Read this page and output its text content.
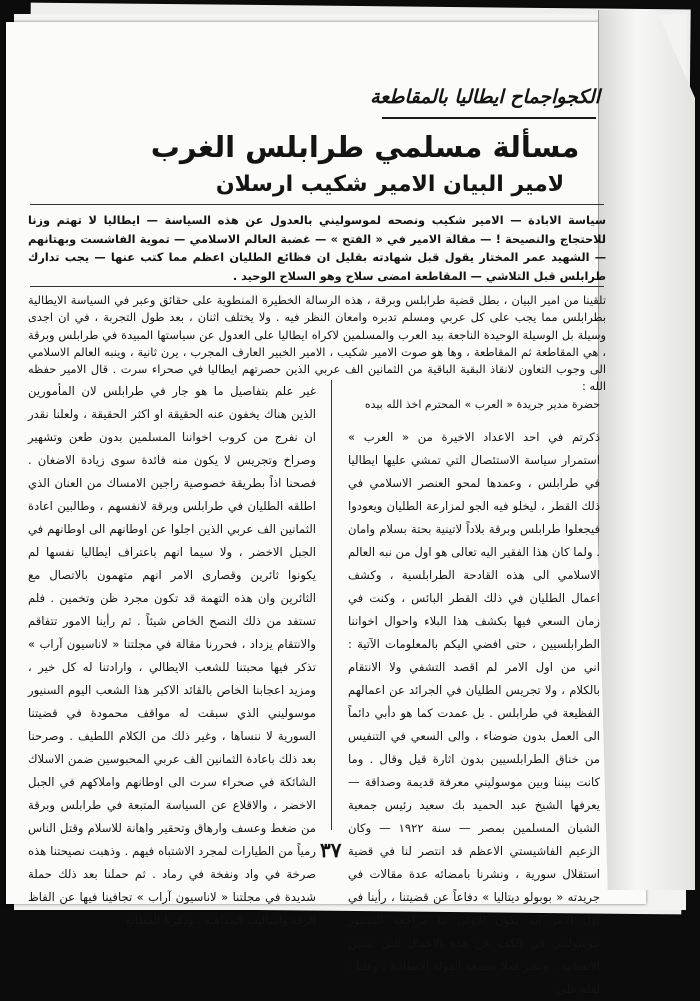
الكجواجماح ايطاليا بالمقاطعة
مسألة مسلمي طرابلس الغرب
لامير البيان الامير شكيب ارسلان
سياسة الابادة — الامير شكيب ونصحه لموسوليني بالعدول عن هذه السياسة — ايطاليا لا تهتم وزنا للاحتجاج والنصيحة ! — مقالة الامير في « الفتح » — غضبة العالم الاسلامي — تموية الفاشست وبهتانهم — الشهيد عمر المختار يقول قبل شهادته بقليل ان فظائع الطليان اعظم مما كتب عنها — يجب تدارك طرابلس قبل التلاشي — المقاطعة امضى سلاح وهو السلاح الوحيد .
تلقينا من امير البيان ، بطل قضية طرابلس وبرقة ، هذه الرسالة الخطيرة المنطوية على حقائق وعبر في السياسة الايطالية بطرابلس مما يجب على كل عربي ومسلم تدبره وامعان النظر فيه . ولا يختلف اثنان ، بعد طول التجربة ، في ان اجدى وسيلة بل الوسيلة الوحيدة الناجعة بيد العرب والمسلمين لاكراه ايطاليا على العدول عن سياستها المبيدة في طرابلس وبرقة ، هي المقاطعة ثم المقاطعة ، وها هو صوت الامير شكيب ، الامير الخبير العارف المجرب ، يرن ثانية ، وينبه العالم الاسلامي الى وجوب التعاون لانقاذ البقية الباقية من الثمانين الف عربي الذين حصرتهم ايطاليا في صحراء سرت . قال الامير حفظه الله :
حضرة مدير جريدة « العرب » المحترم اخذ الله بيده
ذكرتم في احد الاعداد الاخيرة من « العرب » استمرار سياسة الاستئصال التي تمشي عليها ايطاليا في طرابلس ، وعمدها لمحو العنصر الاسلامي في ذلك القطر ، ليخلو فيه الجو لمزارعة الطليان ويعودوا فيجعلوا طرابلس وبرقة بلاداً لاتينية بحتة بسلام وامان . ولما كان هذا الفقير اليه تعالى هو اول من نبه العالم الاسلامي الى هذه القادحة الطرابلسية ، وكشف اعمال الطليان في ذلك القطر البائس ، وكنت في زمان السعي فيها بكشف هذا البلاء واحوال اخواننا الطرابلسيين ، حتى افضي اليكم بالمعلومات الآتية : اني من اول الامر لم اقصد التشفي ولا الانتقام بالكلام ، ولا تجريس الطليان في الجرائد عن اعمالهم الفظيعة في طرابلس . بل عمدت كما هو دأبي دائماً الى العمل بدون ضوضاء ، والى السعي في التنفيس من خناق الطرابلسيين بدون اثارة قيل وقال . وما كانت بيننا وبين موسوليني معرفة قديمة وصداقة — يعرفها الشيخ عبد الحميد بك سعيد رئيس جمعية الشبان المسلمين بمصر — سنة ١٩٢٢ — وكان الزعيم الفاشيستي الاعظم قد انتصر لنا في قضية استقلال سورية ، ونشرنا بامضائه عدة مقالات في جريدته « بوبولو ديتاليا » دفاعاً عن قضيتنا ، رأينا في اول الامر انه يكون الاولى بنا مراجعة السنيور موسوليني في الكف عن هذه الاعمال التي تشين الانسانية ، وتضر فعلا بسمعة الدولة الايطالية ، وقلنا : لعله على
غير علم بتفاصيل ما هو جار في طرابلس لان المأمورين الذين هناك يخفون عنه الحقيقة او اكثر الحقيقة ، ولعلنا نقدر ان نفرج من كروب اخواننا المسلمين بدون طعن وتشهير وصراخ وتجريس لا يكون منه فائدة سوى زيادة الاضغان . فصحنا اذاً بطريقة خصوصية راجين الامساك من العنان الذي اطلقه الطليان في طرابلس وبرقة لانفسهم ، وطالبين اعادة الثمانين الف عربي الذين اجلوا عن اوطانهم الى اوطانهم في الجبل الاخضر ، ولا سيما انهم باعتراف ايطاليا نفسها لم يكونوا ثائرين وقصارى الامر انهم متهمون بالاتصال مع الثائرين وان هذه التهمة قد تكون مجرد ظن وتخمين . فلم تستفد من ذلك النصح الخاص شيئاً . ثم رأينا الامور تتفاقم والانتقام يزداد ، فحررنا مقالة في مجلتنا « لاناسيون آراب » تذكر فيها محبتنا للشعب الايطالي ، وارادتنا له كل خير ، ومزيد اعجابنا الخاص بالقائد الاكبر هذا الشعب اليوم السنيور موسوليني الذي سبقت له مواقف محمودة في قضيتنا السورية لا ننساها ، وغير ذلك من الكلام اللطيف . وصرحنا بعد ذلك باعادة الثمانين الف عربي المحبوسين ضمن الاسلاك الشائكة في صحراء سرت الى اوطانهم واملاكهم في الجبل الاخضر ، والاقلاع عن السياسة المتبعة في طرابلس وبرقة من ضغط وعسف وارهاق وتحقير واهانة للاسلام وقتل الناس رمياً من الطيارات لمجرد الاشتباه فيهم . وذهبت نصيحتنا هذه صرخة في واد ونفخة في رماد . ثم حملنا بعد ذلك حملة شديدة في مجلتنا « لاناسيون آراب » تجافينا فيها عن الفاظ الرقة واساليب المداهنة ، وذكرنا الفظائع
٣٧
